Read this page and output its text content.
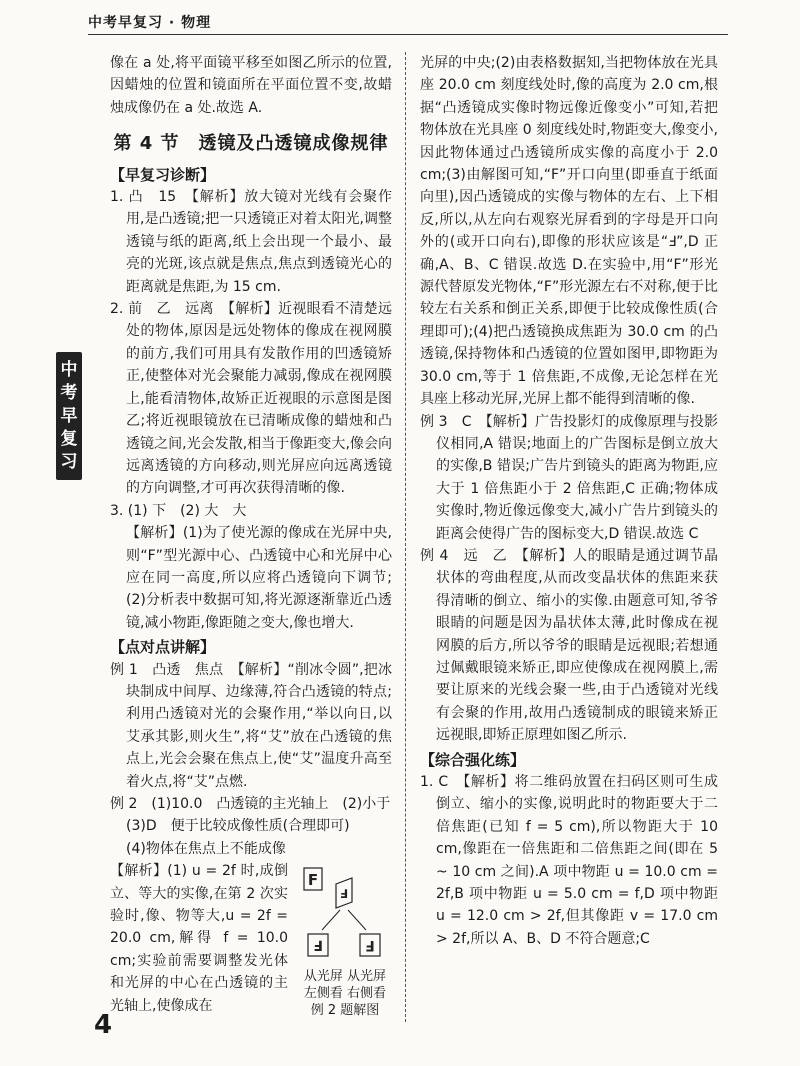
中考早复习 · 物理
中
考
早
复
习

像在 a 处,将平面镜平移至如图乙所示的位置,因蜡烛的位置和镜面所在平面位置不变,故蜡烛成像仍在 a 处.故选 A.

第 4 节　透镜及凸透镜成像规律

【早复习诊断】

1. 凸　15　【解析】放大镜对光线有会聚作用,是凸透镜;把一只透镜正对着太阳光,调整透镜与纸的距离,纸上会出现一个最小、最亮的光斑,该点就是焦点,焦点到透镜光心的距离就是焦距,为 15 cm.

2. 前　乙　远离　【解析】近视眼看不清楚远处的物体,原因是远处物体的像成在视网膜的前方,我们可用具有发散作用的凹透镜矫正,使整体对光会聚能力减弱,像成在视网膜上,能看清物体,故矫正近视眼的示意图是图乙;将近视眼镜放在已清晰成像的蜡烛和凸透镜之间,光会发散,相当于像距变大,像会向远离透镜的方向移动,则光屏应向远离透镜的方向调整,才可再次获得清晰的像.

3. (1) 下　(2) 大　大

【解析】(1)为了使光源的像成在光屏中央,则“F”型光源中心、凸透镜中心和光屏中心应在同一高度,所以应将凸透镜向下调节;(2)分析表中数据可知,将光源逐渐靠近凸透镜,减小物距,像距随之变大,像也增大.

【点对点讲解】

例 1　凸透　焦点　【解析】“削冰令圆”,把冰块制成中间厚、边缘薄,符合凸透镜的特点;利用凸透镜对光的会聚作用,“举以向日,以艾承其影,则火生”,将“艾”放在凸透镜的焦点上,光会会聚在焦点上,使“艾”温度升高至着火点,将“艾”点燃.

例 2　(1)10.0　凸透镜的主光轴上　(2)小于

(3)D　便于比较成像性质(合理即可)

(4)物体在焦点上不能成像

【解析】(1) u = 2f 时,成倒立、等大的实像,在第 2 次实验时,像、物等大,u = 2f = 20.0 cm,解得 f = 10.0 cm;实验前需要调整发光体和光屏的中心在凸透镜的主光轴上,使像成在

F
Ⅎ
Ⅎ	F

从光屏 从光屏

左侧看 右侧看

例 2 题解图

光屏的中央;(2)由表格数据知,当把物体放在光具座 20.0 cm 刻度线处时,像的高度为 2.0 cm,根据“凸透镜成实像时物远像近像变小”可知,若把物体放在光具座 0 刻度线处时,物距变大,像变小,因此物体通过凸透镜所成实像的高度小于 2.0 cm;(3)由解图可知,“F”开口向里(即垂直于纸面向里),因凸透镜成的实像与物体的左右、上下相反,所以,从左向右观察光屏看到的字母是开口向外的(或开口向右),即像的形状应该是“Ⅎ”,D 正确,A、B、C 错误.故选 D.在实验中,用“F”形光源代替原发光物体,“F”形光源左右不对称,便于比较左右关系和倒正关系,即便于比较成像性质(合理即可);(4)把凸透镜换成焦距为 30.0 cm 的凸透镜,保持物体和凸透镜的位置如图甲,即物距为 30.0 cm,等于 1 倍焦距,不成像,无论怎样在光具座上移动光屏,光屏上都不能得到清晰的像.

例 3　C　【解析】广告投影灯的成像原理与投影仪相同,A 错误;地面上的广告图标是倒立放大的实像,B 错误;广告片到镜头的距离为物距,应大于 1 倍焦距小于 2 倍焦距,C 正确;物体成实像时,物近像远像变大,减小广告片到镜头的距离会使得广告的图标变大,D 错误.故选 C

例 4　远　乙　【解析】人的眼睛是通过调节晶状体的弯曲程度,从而改变晶状体的焦距来获得清晰的倒立、缩小的实像.由题意可知,爷爷眼睛的问题是因为晶状体太薄,此时像成在视网膜的后方,所以爷爷的眼睛是远视眼;若想通过佩戴眼镜来矫正,即应使像成在视网膜上,需要让原来的光线会聚一些,由于凸透镜对光线有会聚的作用,故用凸透镜制成的眼镜来矫正远视眼,即矫正原理如图乙所示.

【综合强化练】

1. C　【解析】将二维码放置在扫码区则可生成倒立、缩小的实像,说明此时的物距要大于二倍焦距(已知 f = 5 cm),所以物距大于 10 cm,像距在一倍焦距和二倍焦距之间(即在 5 ~ 10 cm 之间).A 项中物距 u = 10.0 cm = 2f,B 项中物距 u = 5.0 cm = f,D 项中物距 u = 12.0 cm > 2f,但其像距 v = 17.0 cm > 2f,所以 A、B、D 不符合题意;C

4
